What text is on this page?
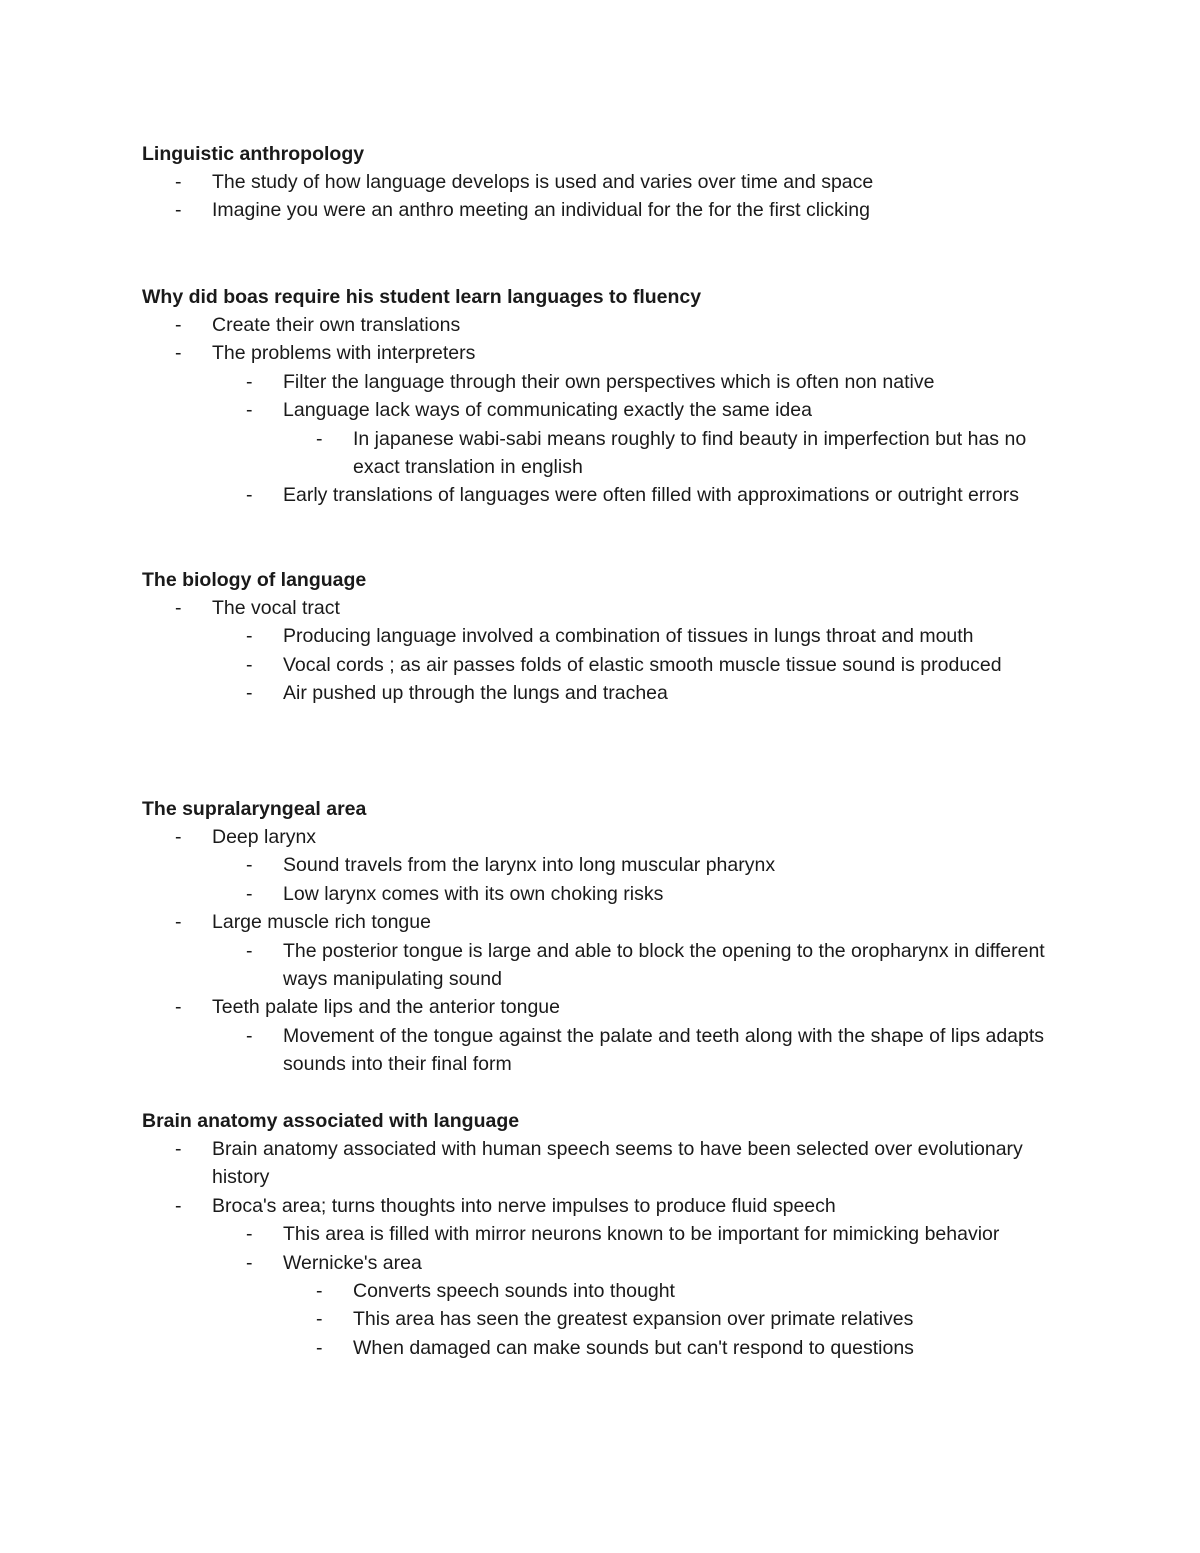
Linguistic anthropology
-	The study of how language develops is used and varies over time and space
-	Imagine you were an anthro meeting an individual for the for the first clicking
Why did boas require his student learn languages to fluency
-	Create their own translations
-	The problems with interpreters
-	Filter the language through their own perspectives which is often non native
-	Language lack ways of communicating exactly the same idea
-	In japanese wabi-sabi means roughly to find beauty in imperfection but has no exact translation in english
-	Early translations of languages were often filled with approximations or outright errors
The biology of language
-	The vocal tract
-	Producing language involved a combination of tissues in lungs throat and mouth
-	Vocal cords ; as air passes folds of elastic smooth muscle tissue sound is produced
-	Air pushed up through the lungs and trachea
The supralaryngeal area
-	Deep larynx
-	Sound travels from the larynx into long muscular pharynx
-	Low larynx comes with its own choking risks
-	Large muscle rich tongue
-	The posterior tongue is large and able to block the opening to the oropharynx in different ways manipulating sound
-	Teeth palate lips and the anterior tongue
-	Movement of the tongue against the palate and teeth along with the shape of lips adapts sounds into their final form
Brain anatomy associated with language
-	Brain anatomy associated with human speech seems to have been selected over evolutionary history
-	Broca's area; turns thoughts into nerve impulses to produce fluid speech
-	This area is filled with mirror neurons known to be important for mimicking behavior
-	Wernicke's area
-	Converts speech sounds into thought
-	This area has seen the greatest expansion over primate relatives
-	When damaged can make sounds but can't respond to questions
